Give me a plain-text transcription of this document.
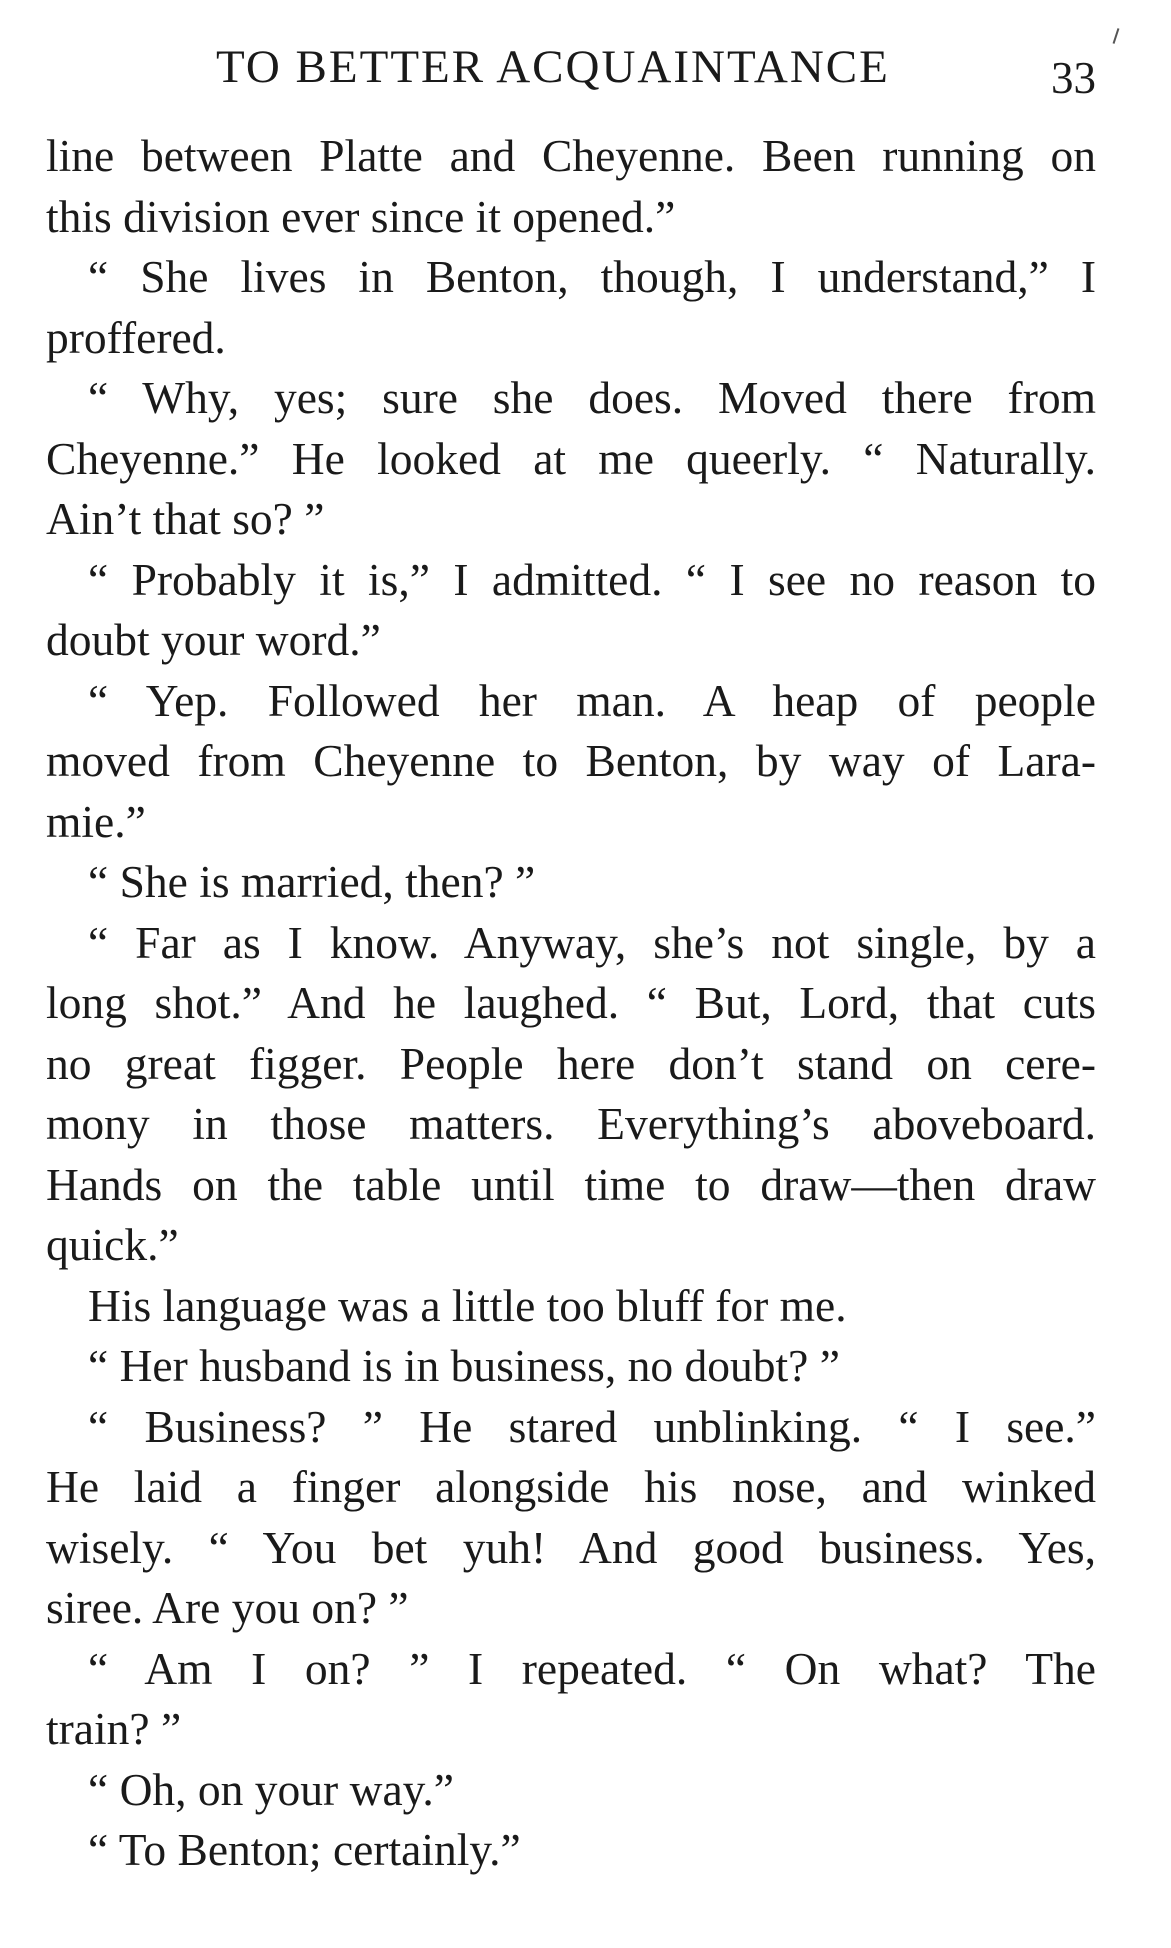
TO BETTER ACQUAINTANCE	33
line between Platte and Cheyenne. Been running on
this division ever since it opened.”
“ She lives in Benton, though, I understand,” I
proffered.
“ Why, yes; sure she does. Moved there from
Cheyenne.” He looked at me queerly. “ Naturally.
Ain’t that so? ”
“ Probably it is,” I admitted. “ I see no reason to
doubt your word.”
“ Yep. Followed her man. A heap of people
moved from Cheyenne to Benton, by way of Lara-
mie.”
“ She is married, then? ”
“ Far as I know. Anyway, she’s not single, by a
long shot.” And he laughed. “ But, Lord, that cuts
no great figger. People here don’t stand on cere-
mony in those matters. Everything’s aboveboard.
Hands on the table until time to draw—then draw
quick.”
His language was a little too bluff for me.
“ Her husband is in business, no doubt? ”
“ Business? ” He stared unblinking. “ I see.”
He laid a finger alongside his nose, and winked
wisely. “ You bet yuh! And good business. Yes,
siree. Are you on? ”
“ Am I on? ” I repeated. “ On what? The
train? ”
“ Oh, on your way.”
“ To Benton; certainly.”
